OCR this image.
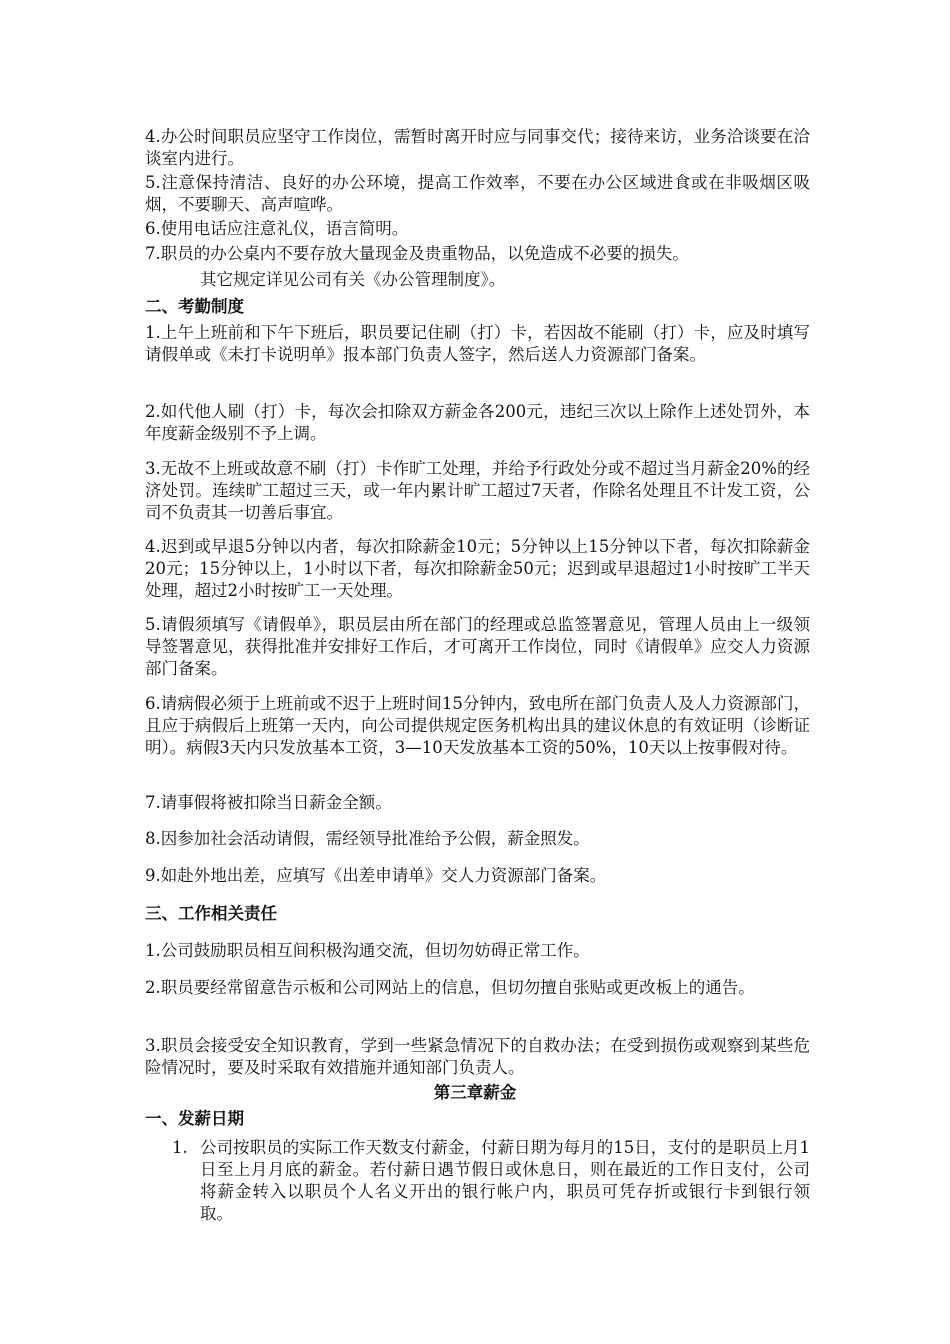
4.办公时间职员应坚守工作岗位，需暂时离开时应与同事交代；接待来访，业务洽谈要在洽谈室内进行。

5.注意保持清洁、良好的办公环境，提高工作效率，不要在办公区域进食或在非吸烟区吸烟，不要聊天、高声喧哗。

6.使用电话应注意礼仪，语言简明。

7.职员的办公桌内不要存放大量现金及贵重物品，以免造成不必要的损失。

其它规定详见公司有关《办公管理制度》。

二、考勤制度

1.上午上班前和下午下班后，职员要记住刷（打）卡，若因故不能刷（打）卡，应及时填写请假单或《未打卡说明单》报本部门负责人签字，然后送人力资源部门备案。

2.如代他人刷（打）卡，每次会扣除双方薪金各200元，违纪三次以上除作上述处罚外，本年度薪金级别不予上调。

3.无故不上班或故意不刷（打）卡作旷工处理，并给予行政处分或不超过当月薪金20%的经济处罚。连续旷工超过三天，或一年内累计旷工超过7天者，作除名处理且不计发工资，公司不负责其一切善后事宜。

4.迟到或早退5分钟以内者，每次扣除薪金10元；5分钟以上15分钟以下者，每次扣除薪金20元；15分钟以上，1小时以下者，每次扣除薪金50元；迟到或早退超过1小时按旷工半天处理，超过2小时按旷工一天处理。

5.请假须填写《请假单》，职员层由所在部门的经理或总监签署意见，管理人员由上一级领导签署意见，获得批准并安排好工作后，才可离开工作岗位，同时《请假单》应交人力资源部门备案。

6.请病假必须于上班前或不迟于上班时间15分钟内，致电所在部门负责人及人力资源部门，且应于病假后上班第一天内，向公司提供规定医务机构出具的建议休息的有效证明（诊断证明）。病假3天内只发放基本工资，3—10天发放基本工资的50%，10天以上按事假对待。

7.请事假将被扣除当日薪金全额。

8.因参加社会活动请假，需经领导批准给予公假，薪金照发。

9.如赴外地出差，应填写《出差申请单》交人力资源部门备案。

三、工作相关责任

1.公司鼓励职员相互间积极沟通交流，但切勿妨碍正常工作。

2.职员要经常留意告示板和公司网站上的信息，但切勿擅自张贴或更改板上的通告。

3.职员会接受安全知识教育，学到一些紧急情况下的自救办法；在受到损伤或观察到某些危险情况时，要及时采取有效措施并通知部门负责人。

第三章薪金
一、发薪日期
1. 公司按职员的实际工作天数支付薪金，付薪日期为每月的15日，支付的是职员上月1日至上月月底的薪金。若付薪日遇节假日或休息日，则在最近的工作日支付，公司将薪金转入以职员个人名义开出的银行帐户内，职员可凭存折或银行卡到银行领取。
